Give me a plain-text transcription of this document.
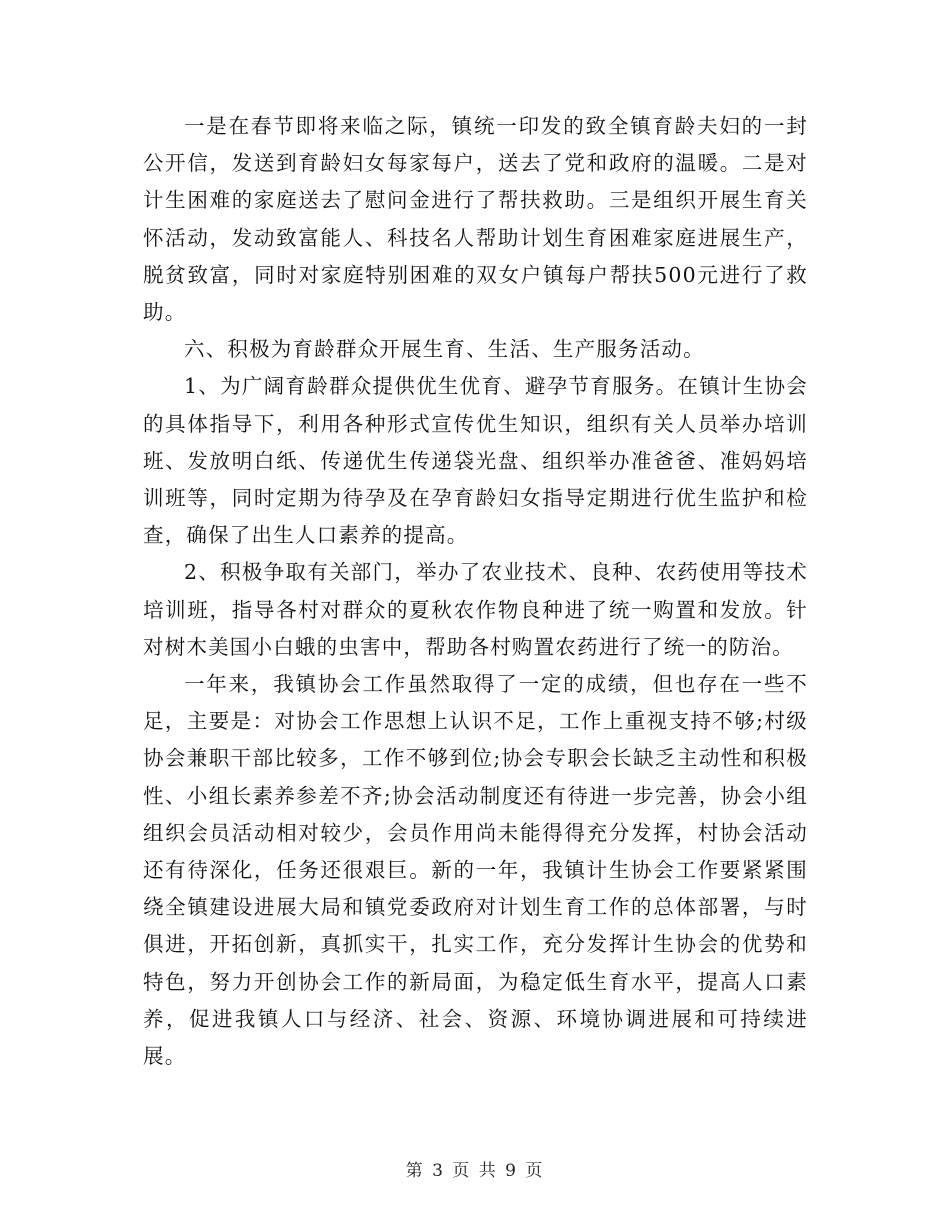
一是在春节即将来临之际，镇统一印发的致全镇育龄夫妇的一封公开信，发送到育龄妇女每家每户，送去了党和政府的温暖。二是对计生困难的家庭送去了慰问金进行了帮扶救助。三是组织开展生育关怀活动，发动致富能人、科技名人帮助计划生育困难家庭进展生产，脱贫致富，同时对家庭特别困难的双女户镇每户帮扶500元进行了救助。

六、积极为育龄群众开展生育、生活、生产服务活动。

1、为广阔育龄群众提供优生优育、避孕节育服务。在镇计生协会的具体指导下，利用各种形式宣传优生知识，组织有关人员举办培训班、发放明白纸、传递优生传递袋光盘、组织举办准爸爸、准妈妈培训班等，同时定期为待孕及在孕育龄妇女指导定期进行优生监护和检查，确保了出生人口素养的提高。

2、积极争取有关部门，举办了农业技术、良种、农药使用等技术培训班，指导各村对群众的夏秋农作物良种进了统一购置和发放。针对树木美国小白蛾的虫害中，帮助各村购置农药进行了统一的防治。

一年来，我镇协会工作虽然取得了一定的成绩，但也存在一些不足，主要是：对协会工作思想上认识不足，工作上重视支持不够;村级协会兼职干部比较多，工作不够到位;协会专职会长缺乏主动性和积极性、小组长素养参差不齐;协会活动制度还有待进一步完善，协会小组组织会员活动相对较少，会员作用尚未能得得充分发挥，村协会活动还有待深化，任务还很艰巨。新的一年，我镇计生协会工作要紧紧围绕全镇建设进展大局和镇党委政府对计划生育工作的总体部署，与时俱进，开拓创新，真抓实干，扎实工作，充分发挥计生协会的优势和特色，努力开创协会工作的新局面，为稳定低生育水平，提高人口素养，促进我镇人口与经济、社会、资源、环境协调进展和可持续进展。

第 3 页 共 9 页
